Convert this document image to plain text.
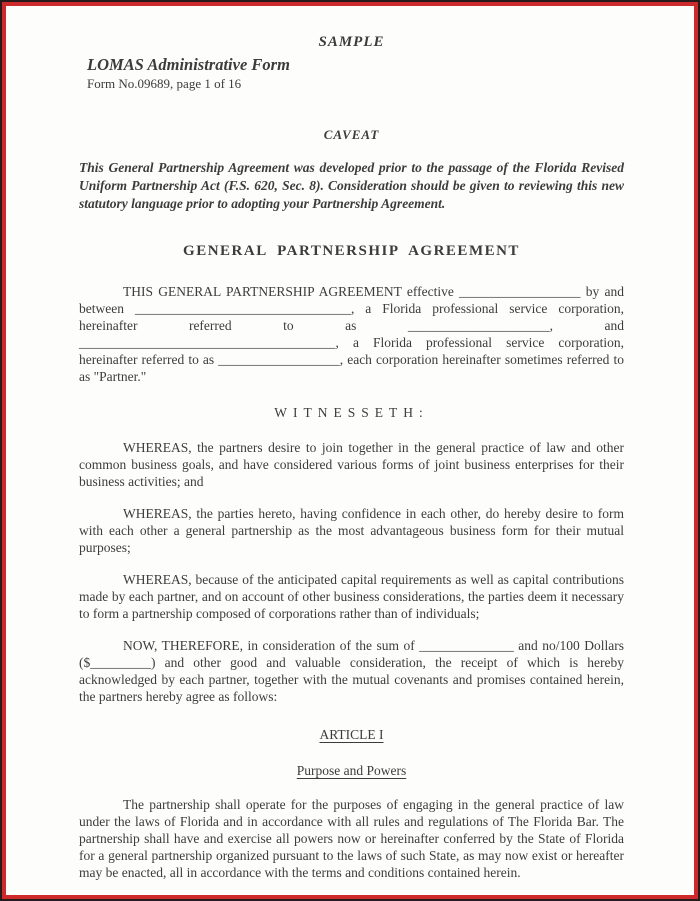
SAMPLE

LOMAS Administrative Form

Form No.09689, page 1 of 16

CAVEAT

This General Partnership Agreement was developed prior to the passage of the Florida Revised Uniform Partnership Act (F.S. 620, Sec. 8). Consideration should be given to reviewing this new statutory language prior to adopting your Partnership Agreement.

GENERAL PARTNERSHIP AGREEMENT

THIS GENERAL PARTNERSHIP AGREEMENT effective __________________ by and between ________________________________, a Florida professional service corporation, hereinafter referred to as _____________________, and ______________________________________, a Florida professional service corporation, hereinafter referred to as __________________, each corporation hereinafter sometimes referred to as "Partner."

WITNESSETH:

WHEREAS, the partners desire to join together in the general practice of law and other common business goals, and have considered various forms of joint business enterprises for their business activities; and

WHEREAS, the parties hereto, having confidence in each other, do hereby desire to form with each other a general partnership as the most advantageous business form for their mutual purposes;

WHEREAS, because of the anticipated capital requirements as well as capital contributions made by each partner, and on account of other business considerations, the parties deem it necessary to form a partnership composed of corporations rather than of individuals;

NOW, THEREFORE, in consideration of the sum of ______________ and no/100 Dollars ($_________) and other good and valuable consideration, the receipt of which is hereby acknowledged by each partner, together with the mutual covenants and promises contained herein, the partners hereby agree as follows:

ARTICLE I

Purpose and Powers

The partnership shall operate for the purposes of engaging in the general practice of law under the laws of Florida and in accordance with all rules and regulations of The Florida Bar. The partnership shall have and exercise all powers now or hereinafter conferred by the State of Florida for a general partnership organized pursuant to the laws of such State, as may now exist or hereafter may be enacted, all in accordance with the terms and conditions contained herein.
